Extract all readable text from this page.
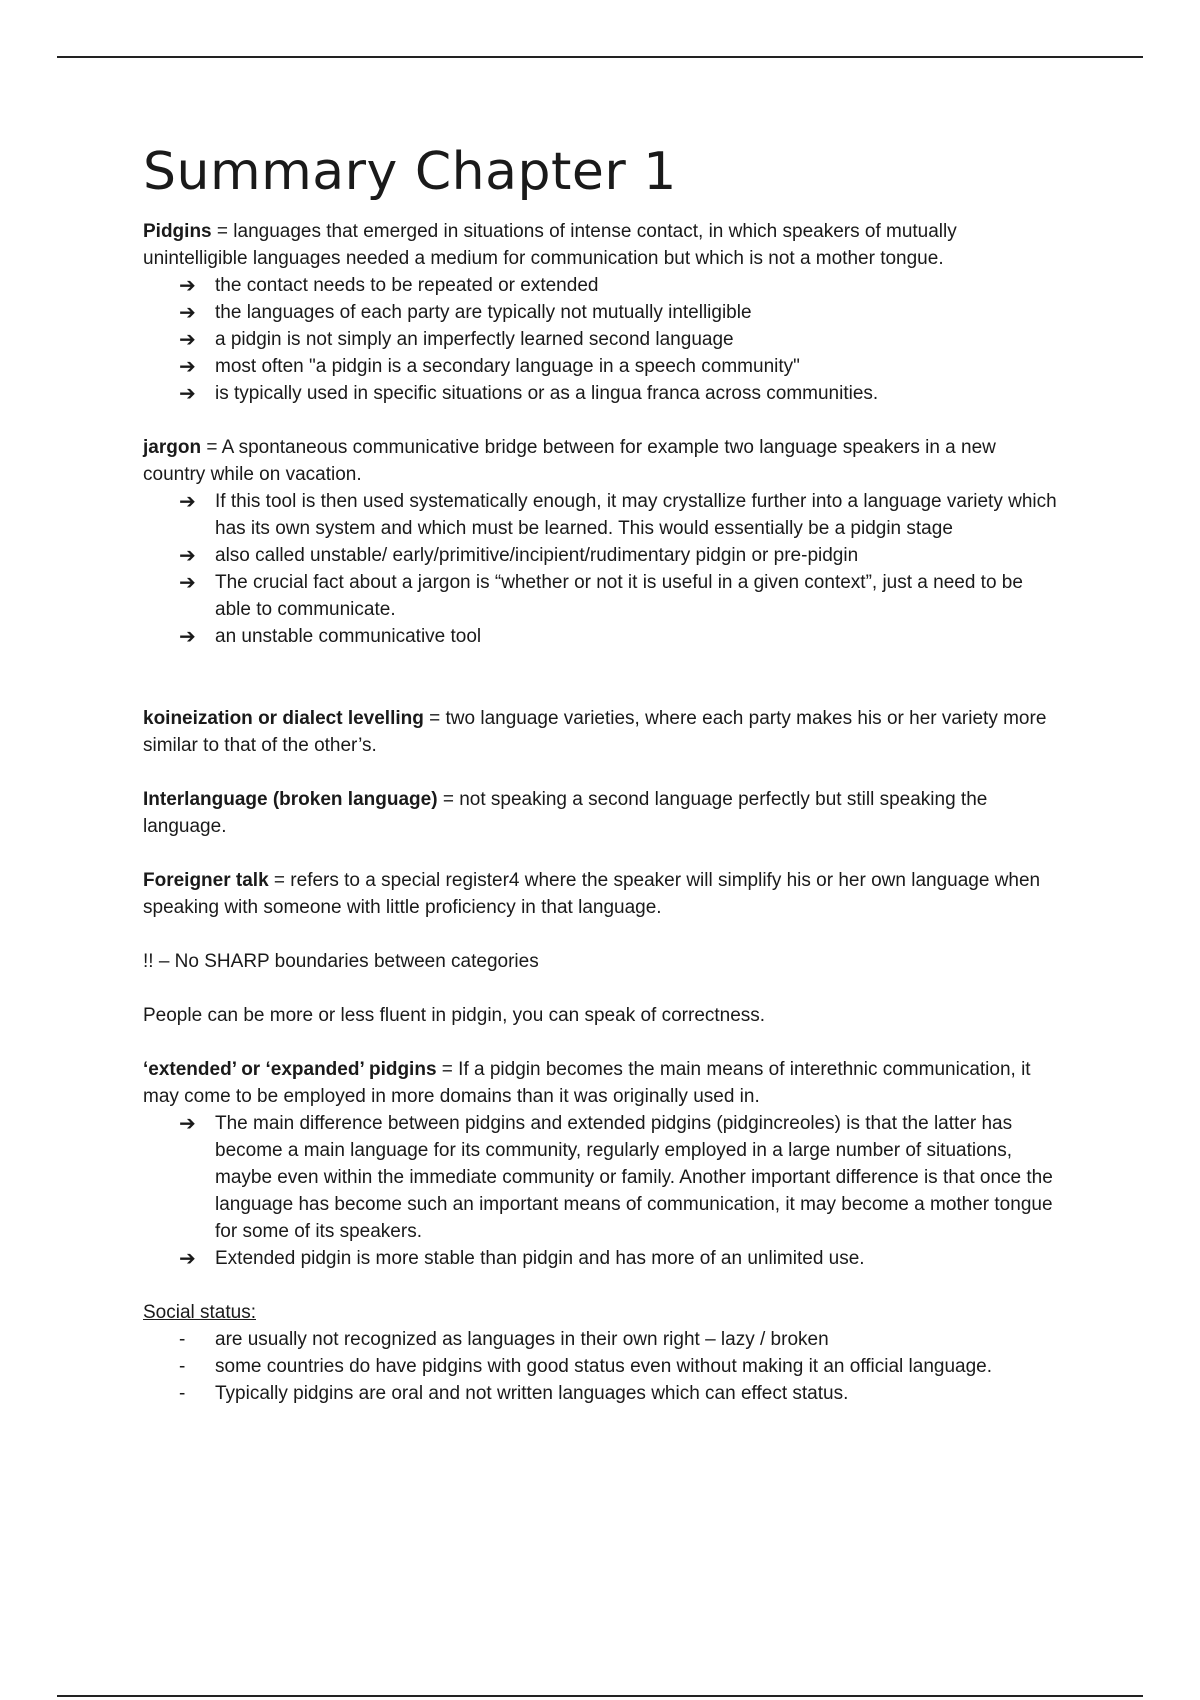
Summary Chapter 1

Pidgins = languages that emerged in situations of intense contact, in which speakers of mutually unintelligible languages needed a medium for communication but which is not a mother tongue.

➔ the contact needs to be repeated or extended
➔ the languages of each party are typically not mutually intelligible
➔ a pidgin is not simply an imperfectly learned second language
➔ most often "a pidgin is a secondary language in a speech community"
➔ is typically used in specific situations or as a lingua franca across communities.

jargon = A spontaneous communicative bridge between for example two language speakers in a new country while on vacation.

➔ If this tool is then used systematically enough, it may crystallize further into a language variety which has its own system and which must be learned. This would essentially be a pidgin stage
➔ also called unstable/ early/primitive/incipient/rudimentary pidgin or pre-pidgin
➔ The crucial fact about a jargon is “whether or not it is useful in a given context”, just a need to be able to communicate.
➔ an unstable communicative tool

koineization or dialect levelling = two language varieties, where each party makes his or her variety more similar to that of the other’s.

Interlanguage (broken language) = not speaking a second language perfectly but still speaking the language.

Foreigner talk = refers to a special register4 where the speaker will simplify his or her own language when speaking with someone with little proficiency in that language.

!! – No SHARP boundaries between categories

People can be more or less fluent in pidgin, you can speak of correctness.

‘extended’ or ‘expanded’ pidgins = If a pidgin becomes the main means of interethnic communication, it may come to be employed in more domains than it was originally used in.

➔ The main difference between pidgins and extended pidgins (pidgincreoles) is that the latter has become a main language for its community, regularly employed in a large number of situations, maybe even within the immediate community or family. Another important difference is that once the language has become such an important means of communication, it may become a mother tongue for some of its speakers.
➔ Extended pidgin is more stable than pidgin and has more of an unlimited use.

Social status:

- are usually not recognized as languages in their own right – lazy / broken
- some countries do have pidgins with good status even without making it an official language.
- Typically pidgins are oral and not written languages which can effect status.
